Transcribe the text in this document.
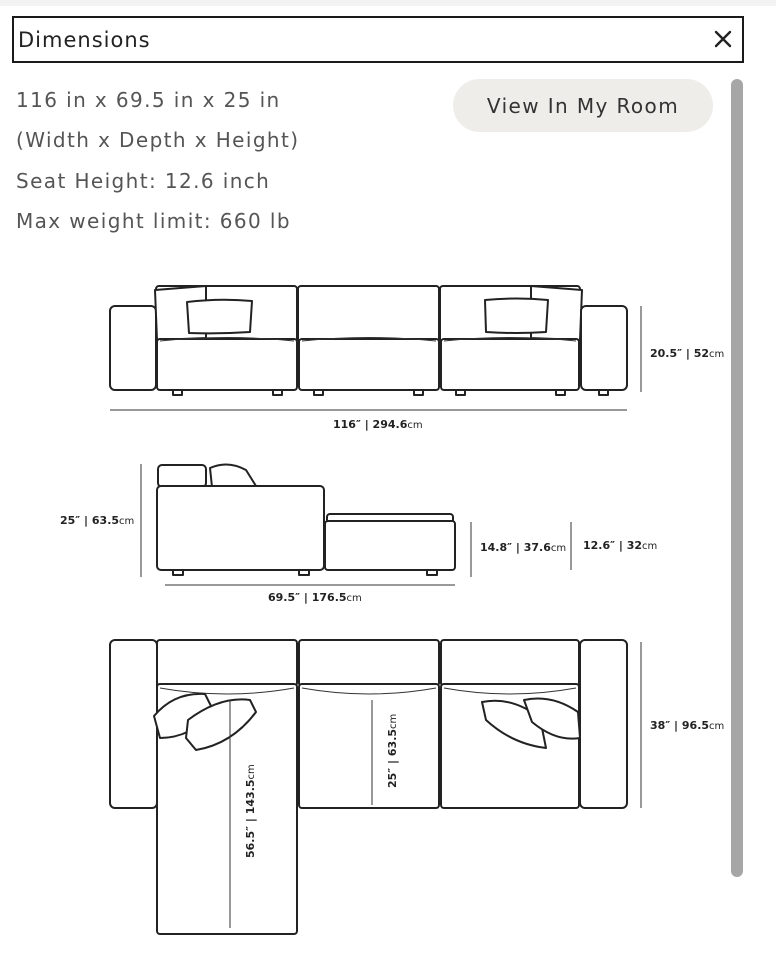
Dimensions
116 in x 69.5 in x 25 in
(Width x Depth x Height)
Seat Height: 12.6 inch
Max weight limit: 660 lb
View In My Room
20.5″ | 52cm
116″ | 294.6cm
25″ | 63.5cm
14.8″ | 37.6cm 12.6″ | 32cm
69.5″ | 176.5cm
56.5″ | 143.5cm	25″ | 63.5cm	38″ | 96.5cm
